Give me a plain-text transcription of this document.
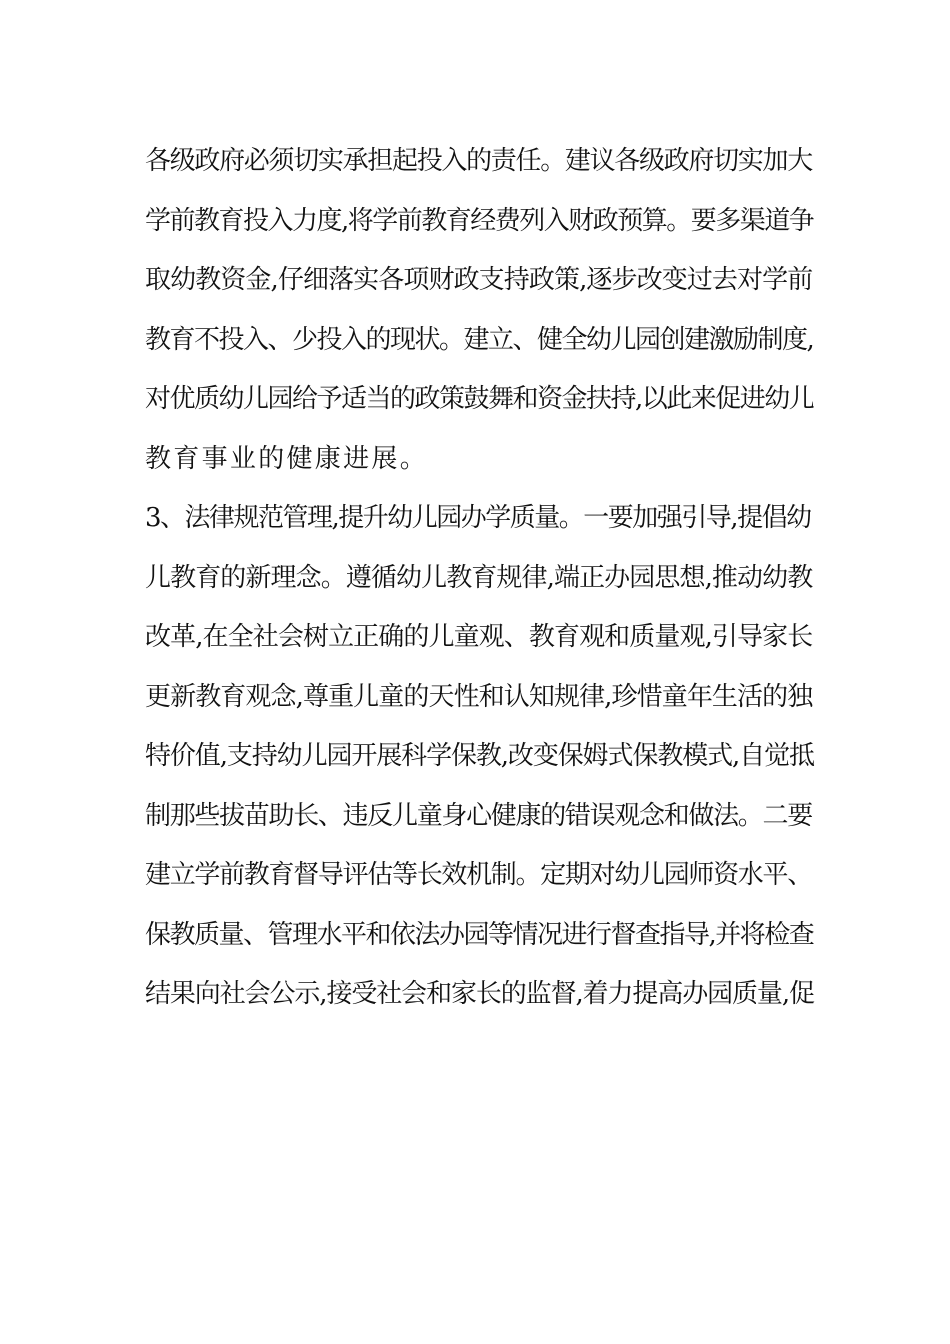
各级政府必须切实承担起投入的责任。建议各级政府切实加大
学前教育投入力度,将学前教育经费列入财政预算。要多渠道争
取幼教资金,仔细落实各项财政支持政策,逐步改变过去对学前
教育不投入、少投入的现状。建立、健全幼儿园创建激励制度,
对优质幼儿园给予适当的政策鼓舞和资金扶持,以此来促进幼儿
教育事业的健康进展。
3、法律规范管理,提升幼儿园办学质量。一要加强引导,提倡幼
儿教育的新理念。遵循幼儿教育规律,端正办园思想,推动幼教
改革,在全社会树立正确的儿童观、教育观和质量观,引导家长
更新教育观念,尊重儿童的天性和认知规律,珍惜童年生活的独
特价值,支持幼儿园开展科学保教,改变保姆式保教模式,自觉抵
制那些拔苗助长、违反儿童身心健康的错误观念和做法。二要
建立学前教育督导评估等长效机制。定期对幼儿园师资水平、
保教质量、管理水平和依法办园等情况进行督查指导,并将检查
结果向社会公示,接受社会和家长的监督,着力提高办园质量,促
